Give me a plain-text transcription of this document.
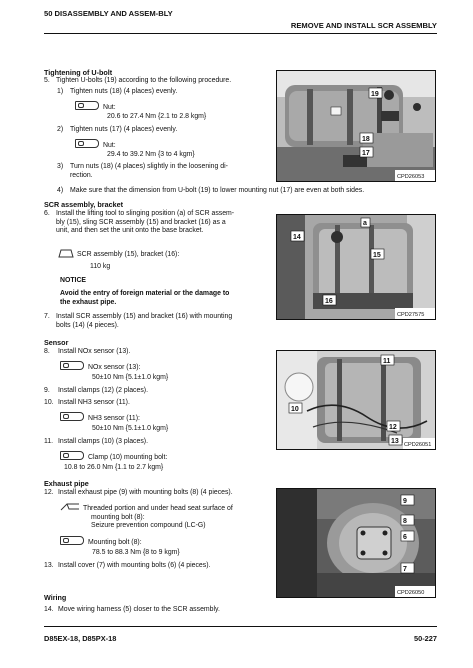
50 DISASSEMBLY AND ASSEM-BLY
REMOVE AND INSTALL SCR ASSEMBLY
Tightening of U-bolt
5. Tighten U-bolts (19) according to the following procedure.
1) Tighten nuts (18) (4 places) evenly.
Nut:
20.6 to 27.4 Nm {2.1 to 2.8 kgm}
2) Tighten nuts (17) (4 places) evenly.
Nut:
29.4 to 39.2 Nm {3 to 4 kgm}
3) Turn nuts (18) (4 places) slightly in the loosening di-
rection.
4) Make sure that the dimension from U-bolt (19) to lower mounting nut (17) are even at both sides.
19
18
17
CPD26053
SCR assembly, bracket
6. Install the lifting tool to slinging position (a) of SCR assem-
bly (15), sling SCR assembly (15) and bracket (16) as a
unit, and then set the unit onto the base bracket.
SCR assembly (15), bracket (16):
110 kg
NOTICE
Avoid the entry of foreign material or the damage to
the exhaust pipe.
7. Install SCR assembly (15) and bracket (16) with mounting
bolts (14) (4 pieces).
a
14
15
16
CPD27575
Sensor
8. Install NOx sensor (13).
NOx sensor (13):
50±10 Nm {5.1±1.0 kgm}
9. Install clamps (12) (2 places).
10. Install NH3 sensor (11).
NH3 sensor (11):
50±10 Nm {5.1±1.0 kgm}
11. Install clamps (10) (3 places).
Clamp (10) mounting bolt:
10.8 to 26.0 Nm {1.1 to 2.7 kgm}
11
10
12
13 CPD26051
Exhaust pipe
12. Install exhaust pipe (9) with mounting bolts (8) (4 pieces).
Threaded portion and under head seat surface of
mounting bolt (8):
Seizure prevention compound (LC-G)
Mounting bolt (8):
78.5 to 88.3 Nm {8 to 9 kgm}
13. Install cover (7) with mounting bolts (6) (4 pieces).
9
8
7
6
CPD26050
Wiring
14. Move wiring harness (5) closer to the SCR assembly.
D85EX-18, D85PX-18	50-227
